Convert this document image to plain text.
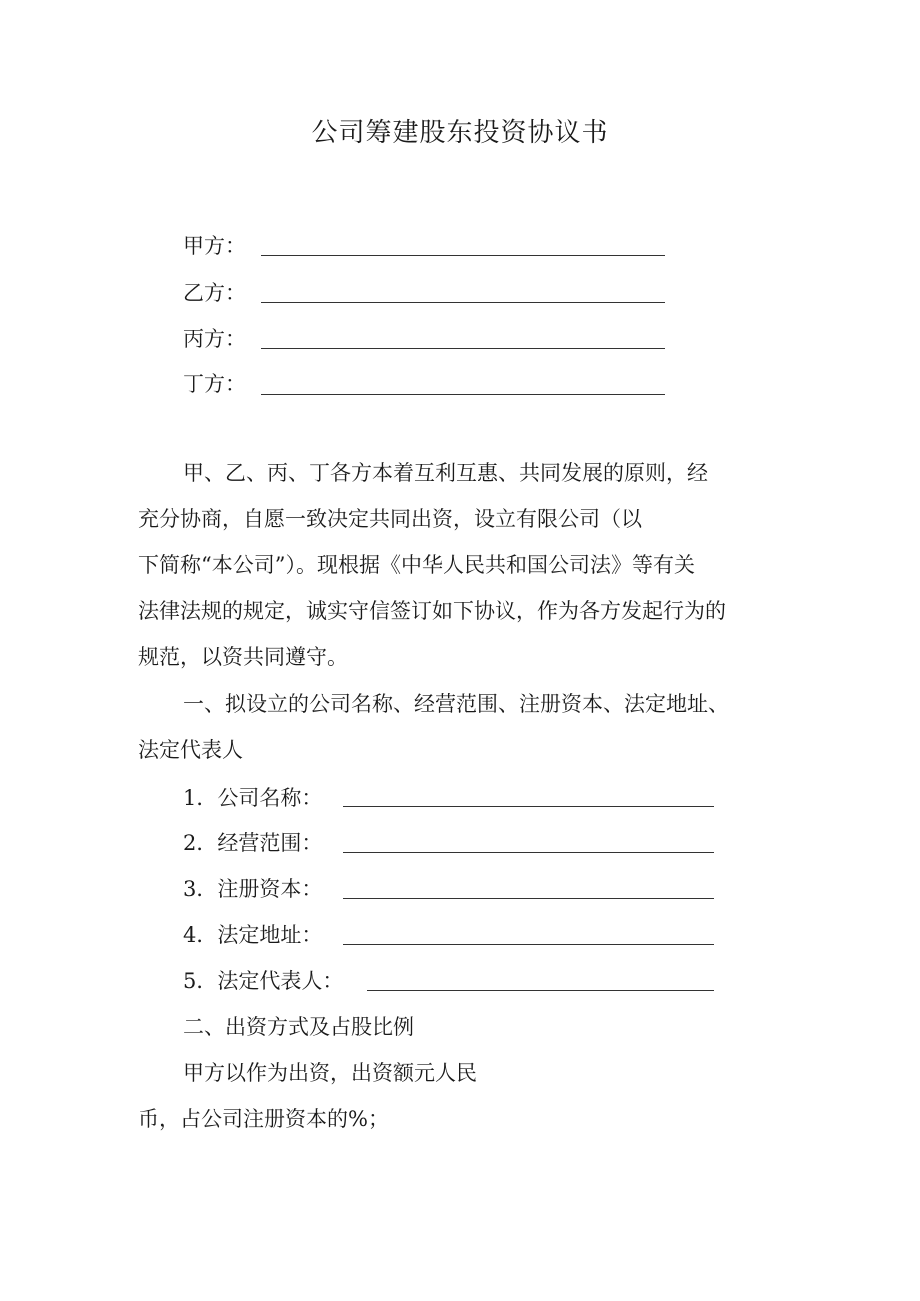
公司筹建股东投资协议书
甲方：
乙方：
丙方：
丁方：
甲、乙、丙、丁各方本着互利互惠、共同发展的原则，经
充分协商，自愿一致决定共同出资，设立有限公司（以
下简称“本公司”）。现根据《中华人民共和国公司法》等有关
法律法规的规定，诚实守信签订如下协议，作为各方发起行为的
规范，以资共同遵守。
一、拟设立的公司名称、经营范围、注册资本、法定地址、
法定代表人
1．公司名称：
2．经营范围：
3．注册资本：
4．法定地址：
5．法定代表人：
二、出资方式及占股比例
甲方以作为出资，出资额元人民
币，占公司注册资本的%；
